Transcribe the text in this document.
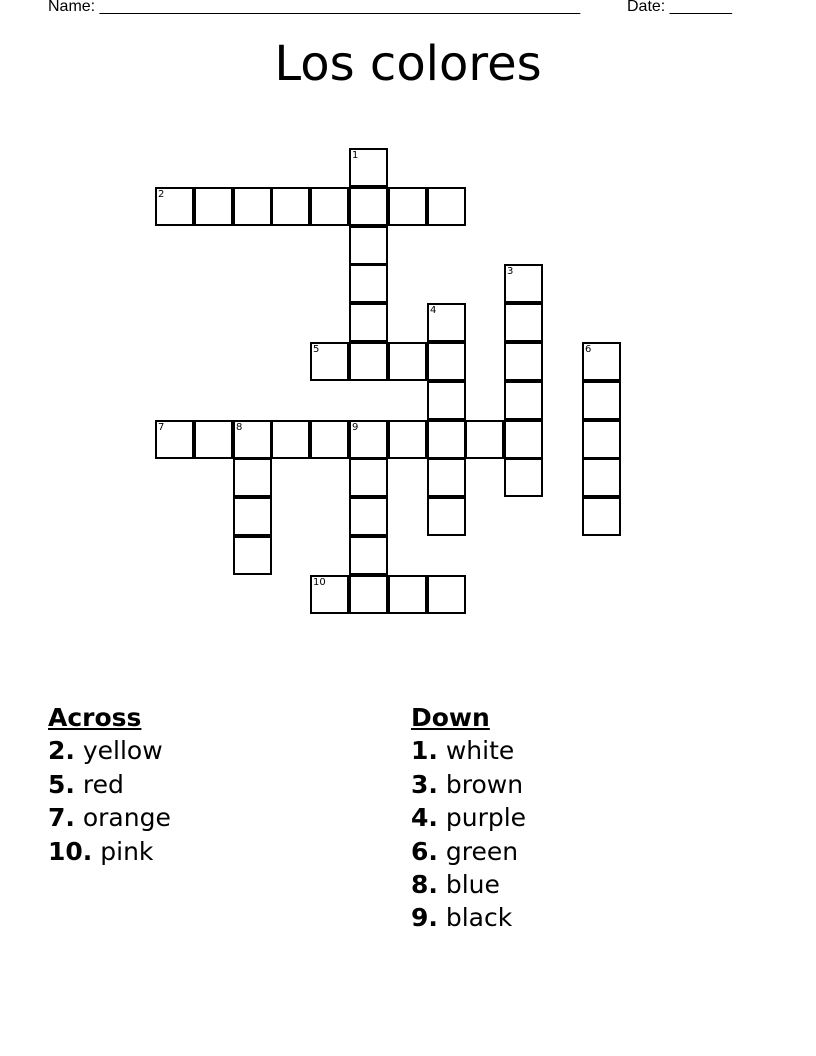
Name: ______________________________________________________	Date: _______
Los colores
1
2
3
4
5	6
7	8	9
10
Across
2. yellow
5. red
7. orange
10. pink
Down
1. white
3. brown
4. purple
6. green
8. blue
9. black
